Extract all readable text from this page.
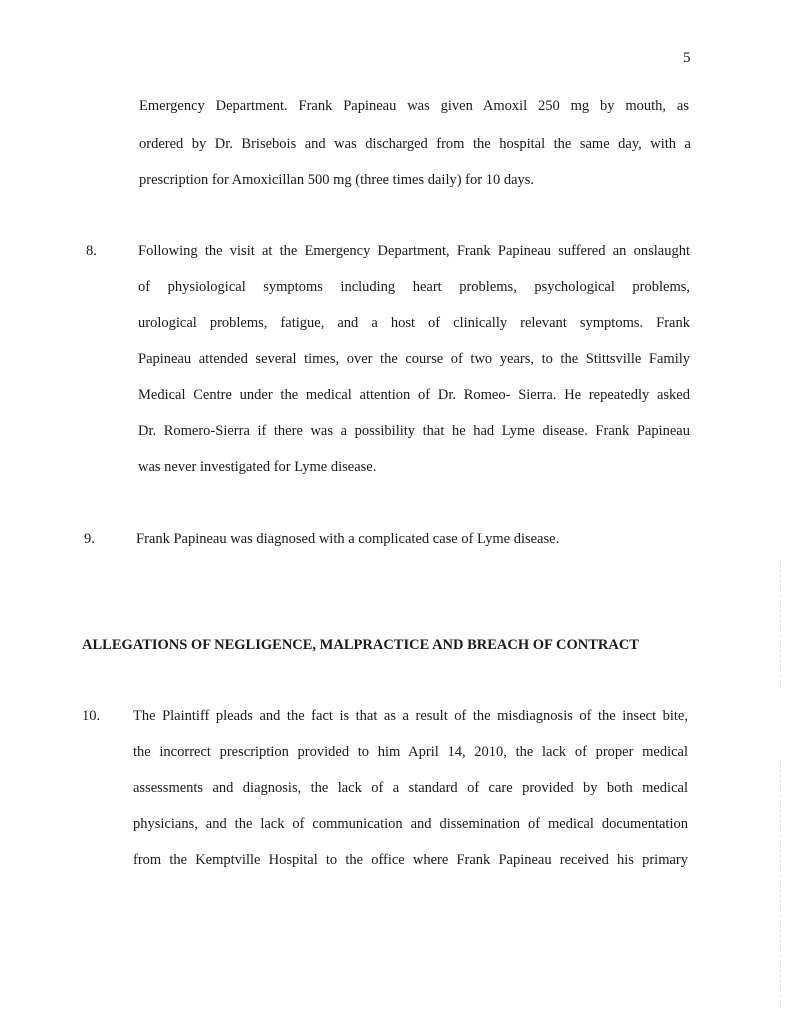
5
Emergency Department. Frank Papineau was given Amoxil 250 mg by mouth, as
ordered by Dr. Brisebois and was discharged from the hospital the same day, with a
prescription for Amoxicillan 500 mg (three times daily) for 10 days.
8.	Following the visit at the Emergency Department, Frank Papineau suffered an onslaught
of physiological symptoms including heart problems, psychological problems,
urological problems, fatigue, and a host of clinically relevant symptoms. Frank
Papineau attended several times, over the course of two years, to the Stittsville Family
Medical Centre under the medical attention of Dr. Romeo- Sierra. He repeatedly asked
Dr. Romero-Sierra if there was a possibility that he had Lyme disease. Frank Papineau
was never investigated for Lyme disease.
9.	Frank Papineau was diagnosed with a complicated case of Lyme disease.
ALLEGATIONS OF NEGLIGENCE, MALPRACTICE AND BREACH OF CONTRACT
10. The Plaintiff pleads and the fact is that as a result of the misdiagnosis of the insect bite,
the incorrect prescription provided to him April 14, 2010, the lack of proper medical
assessments and diagnosis, the lack of a standard of care provided by both medical
physicians, and the lack of communication and dissemination of medical documentation
from the Kemptville Hospital to the office where Frank Papineau received his primary
